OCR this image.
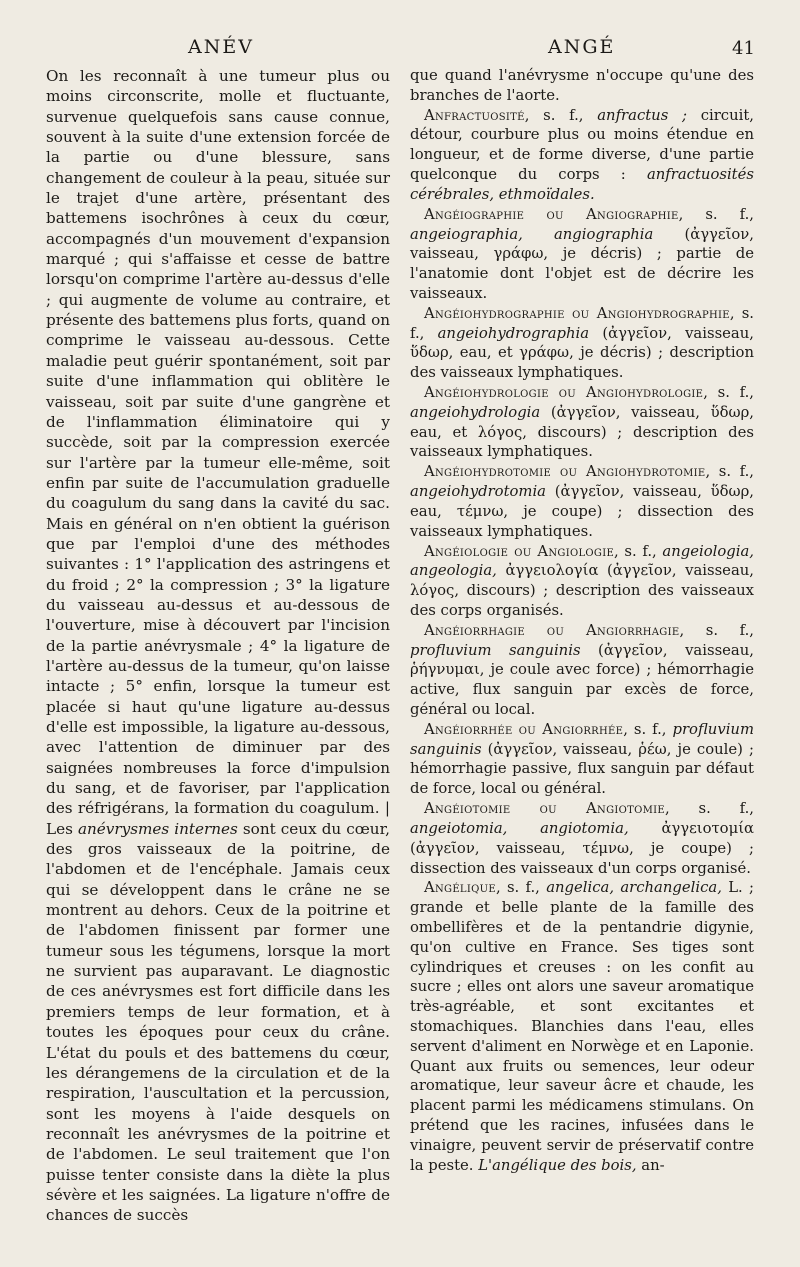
ANÉV	ANGÉ	41

On les reconnaît à une tumeur plus ou moins circonscrite, molle et fluctuante, survenue quelquefois sans cause connue, souvent à la suite d'une extension forcée de la partie ou d'une blessure, sans changement de couleur à la peau, située sur le trajet d'une artère, présentant des battemens isochrônes à ceux du cœur, accompagnés d'un mouvement d'expansion marqué ; qui s'affaisse et cesse de battre lorsqu'on comprime l'artère au-dessus d'elle ; qui augmente de volume au contraire, et présente des battemens plus forts, quand on comprime le vaisseau au-dessous. Cette maladie peut guérir spontanément, soit par suite d'une inflammation qui oblitère le vaisseau, soit par suite d'une gangrène et de l'inflammation éliminatoire qui y succède, soit par la compression exercée sur l'artère par la tumeur elle-même, soit enfin par suite de l'accumulation graduelle du coagulum du sang dans la cavité du sac. Mais en général on n'en obtient la guérison que par l'emploi d'une des méthodes suivantes : 1° l'application des astringens et du froid ; 2° la compression ; 3° la ligature du vaisseau au-dessus et au-dessous de l'ouverture, mise à découvert par l'incision de la partie anévrysmale ; 4° la ligature de l'artère au-dessus de la tumeur, qu'on laisse intacte ; 5° enfin, lorsque la tumeur est placée si haut qu'une ligature au-dessus d'elle est impossible, la ligature au-dessous, avec l'attention de diminuer par des saignées nombreuses la force d'impulsion du sang, et de favoriser, par l'application des réfrigérans, la formation du coagulum. | Les anévrysmes internes sont ceux du cœur, des gros vaisseaux de la poitrine, de l'abdomen et de l'encéphale. Jamais ceux qui se développent dans le crâne ne se montrent au dehors. Ceux de la poitrine et de l'abdomen finissent par former une tumeur sous les tégumens, lorsque la mort ne survient pas auparavant. Le diagnostic de ces anévrysmes est fort difficile dans les premiers temps de leur formation, et à toutes les époques pour ceux du crâne. L'état du pouls et des battemens du cœur, les dérangemens de la circulation et de la respiration, l'auscultation et la percussion, sont les moyens à l'aide desquels on reconnaît les anévrysmes de la poitrine et de l'abdomen. Le seul traitement que l'on puisse tenter consiste dans la diète la plus sévère et les saignées. La ligature n'offre de chances de succès

que quand l'anévrysme n'occupe qu'une des branches de l'aorte.

Anfractuosité, s. f., anfractus ; circuit, détour, courbure plus ou moins étendue en longueur, et de forme diverse, d'une partie quelconque du corps : anfractuosités cérébrales, ethmoïdales.

Angéiographie ou Angiographie, s. f., angeiographia, angiographia (ἀγγεῖον, vaisseau, γράφω, je décris) ; partie de l'anatomie dont l'objet est de décrire les vaisseaux.

Angéiohydrographie ou Angiohydrographie, s. f., angeiohydrographia (ἀγγεῖον, vaisseau, ὕδωρ, eau, et γράφω, je décris) ; description des vaisseaux lymphatiques.

Angéiohydrologie ou Angiohydrologie, s. f., angeiohydrologia (ἀγγεῖον, vaisseau, ὕδωρ, eau, et λόγος, discours) ; description des vaisseaux lymphatiques.

Angéiohydrotomie ou Angiohydrotomie, s. f., angeiohydrotomia (ἀγγεῖον, vaisseau, ὕδωρ, eau, τέμνω, je coupe) ; dissection des vaisseaux lymphatiques.

Angéiologie ou Angiologie, s. f., angeiologia, angeologia, ἀγγειολογία (ἀγγεῖον, vaisseau, λόγος, discours) ; description des vaisseaux des corps organisés.

Angéiorrhagie ou Angiorrhagie, s. f., profluvium sanguinis (ἀγγεῖον, vaisseau, ῥήγνυμαι, je coule avec force) ; hémorrhagie active, flux sanguin par excès de force, général ou local.

Angéiorrhée ou Angiorrhée, s. f., profluvium sanguinis (ἀγγεῖον, vaisseau, ῥέω, je coule) ; hémorrhagie passive, flux sanguin par défaut de force, local ou général.

Angéiotomie ou Angiotomie, s. f., angeiotomia, angiotomia, ἀγγειοτομία (ἀγγεῖον, vaisseau, τέμνω, je coupe) ; dissection des vaisseaux d'un corps organisé.

Angélique, s. f., angelica, archangelica, L. ; grande et belle plante de la famille des ombellifères et de la pentandrie digynie, qu'on cultive en France. Ses tiges sont cylindriques et creuses : on les confit au sucre ; elles ont alors une saveur aromatique très-agréable, et sont excitantes et stomachiques. Blanchies dans l'eau, elles servent d'aliment en Norwège et en Laponie. Quant aux fruits ou semences, leur odeur aromatique, leur saveur âcre et chaude, les placent parmi les médicamens stimulans. On prétend que les racines, infusées dans le vinaigre, peuvent servir de préservatif contre la peste. L'angélique des bois, an-
